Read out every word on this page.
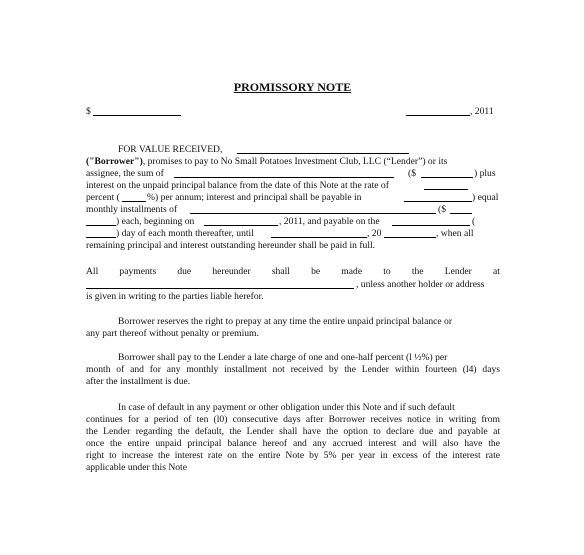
PROMISSORY NOTE
$	, 2011
FOR VALUE RECEIVED,
("Borrower"), promises to pay to No Small Potatoes Investment Club, LLC (“Lender”) or its
assignee, the sum of	($	) plus
interest on the unpaid principal balance from the date of this Note at the rate of
percent (	%) per annum; interest and principal shall be payable in	) equal
monthly installments of	($
) each, beginning on	, 2011, and payable on the	(
) day of each month thereafter, until	, 20	, when all
remaining principal and interest outstanding hereunder shall be paid in full.
All payments due hereunder shall be made to the Lender at
, unless another holder or address
is given in writing to the parties liable herefor.
Borrower reserves the right to prepay at any time the entire unpaid principal balance or
any part thereof without penalty or premium.
Borrower shall pay to the Lender a late charge of one and one-half percent (l ½%) per
month of and for any monthly installment not received by the Lender within fourteen (l4) days
after the installment is due.
In case of default in any payment or other obligation under this Note and if such default
continues for a period of ten (l0) consecutive days after Borrower receives notice in writing from
the Lender regarding the default, the Lender shall have the option to declare due and payable at
once the entire unpaid principal balance hereof and any accrued interest and will also have the
right to increase the interest rate on the entire Note by 5% per year in excess of the interest rate
applicable under this Note
